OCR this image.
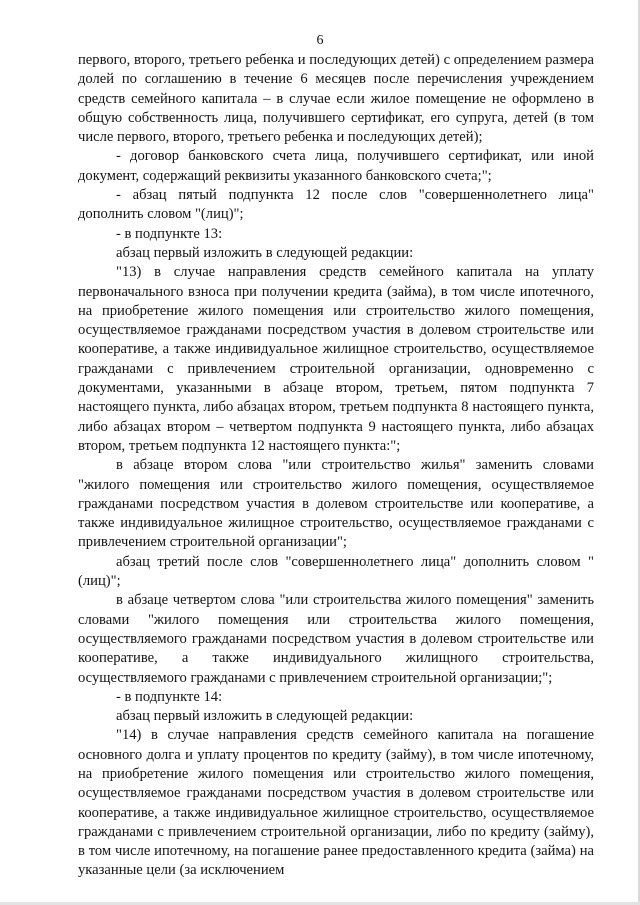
6

первого, второго, третьего ребенка и последующих детей) с определением размера долей по соглашению в течение 6 месяцев после перечисления учреждением средств семейного капитала – в случае если жилое помещение не оформлено в общую собственность лица, получившего сертификат, его супруга, детей (в том числе первого, второго, третьего ребенка и последующих детей);

- договор банковского счета лица, получившего сертификат, или иной документ, содержащий реквизиты указанного банковского счета;";

- абзац пятый подпункта 12 после слов "совершеннолетнего лица" дополнить словом "(лиц)";

- в подпункте 13:

абзац первый изложить в следующей редакции:

"13) в случае направления средств семейного капитала на уплату первоначального взноса при получении кредита (займа), в том числе ипотечного, на приобретение жилого помещения или строительство жилого помещения, осуществляемое гражданами посредством участия в долевом строительстве или кооперативе, а также индивидуальное жилищное строительство, осуществляемое гражданами с привлечением строительной организации, одновременно с документами, указанными в абзаце втором, третьем, пятом подпункта 7 настоящего пункта, либо абзацах втором, третьем подпункта 8 настоящего пункта, либо абзацах втором – четвертом подпункта 9 настоящего пункта, либо абзацах втором, третьем подпункта 12 настоящего пункта:";

в абзаце втором слова "или строительство жилья" заменить словами "жилого помещения или строительство жилого помещения, осуществляемое гражданами посредством участия в долевом строительстве или кооперативе, а также индивидуальное жилищное строительство, осуществляемое гражданами с привлечением строительной организации";

абзац третий после слов "совершеннолетнего лица" дополнить словом "(лиц)";

в абзаце четвертом слова "или строительства жилого помещения" заменить словами "жилого помещения или строительства жилого помещения, осуществляемого гражданами посредством участия в долевом строительстве или кооперативе, а также индивидуального жилищного строительства, осуществляемого гражданами с привлечением строительной организации;";

- в подпункте 14:

абзац первый изложить в следующей редакции:

"14) в случае направления средств семейного капитала на погашение основного долга и уплату процентов по кредиту (займу), в том числе ипотечному, на приобретение жилого помещения или строительство жилого помещения, осуществляемое гражданами посредством участия в долевом строительстве или кооперативе, а также индивидуальное жилищное строительство, осуществляемое гражданами с привлечением строительной организации, либо по кредиту (займу), в том числе ипотечному, на погашение ранее предоставленного кредита (займа) на указанные цели (за исключением
